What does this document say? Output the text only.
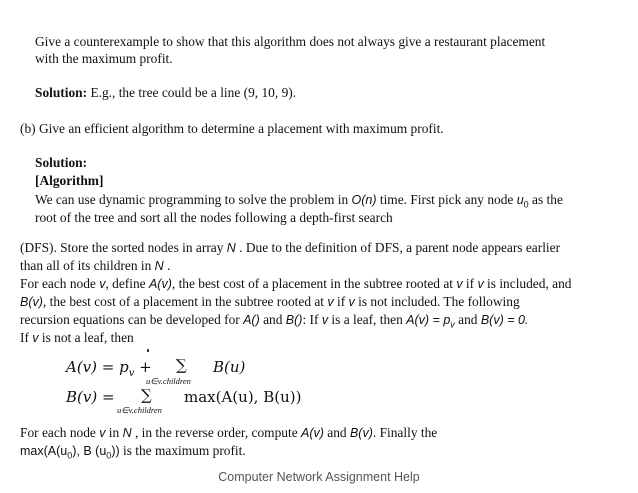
Give a counterexample to show that this algorithm does not always give a restaurant placement
with the maximum profit.
Solution: E.g., the tree could be a line (9, 10, 9).
(b) Give an efficient algorithm to determine a placement with maximum profit.
Solution:
[Algorithm]
We can use dynamic programming to solve the problem in O(n) time. First pick any node $u_0$ as the
root of the tree and sort all the nodes following a depth-first search
(DFS). Store the sorted nodes in array N . Due to the definition of DFS, a parent node appears earlier
than all of its children in N .
For each node v, define A(v), the best cost of a placement in the subtree rooted at v if v is included, and
B(v), the best cost of a placement in the subtree rooted at v if v is not included. The following
recursion equations can be developed for A() and B(): If v is a leaf, then $A(v) = p_v$ and B(v) = 0.
If v is not a leaf, then
$A(v) = p_v$ + ∑ B(u)
u∈v.children
B(v) = ∑ max(A(u), B(u))
u∈v.children
For each node v in N , in the reverse order, compute A(v) and B(v). Finally the
$\max(A(u_0)$, B $(u_0)$) is the maximum profit.
Computer Network Assignment Help
